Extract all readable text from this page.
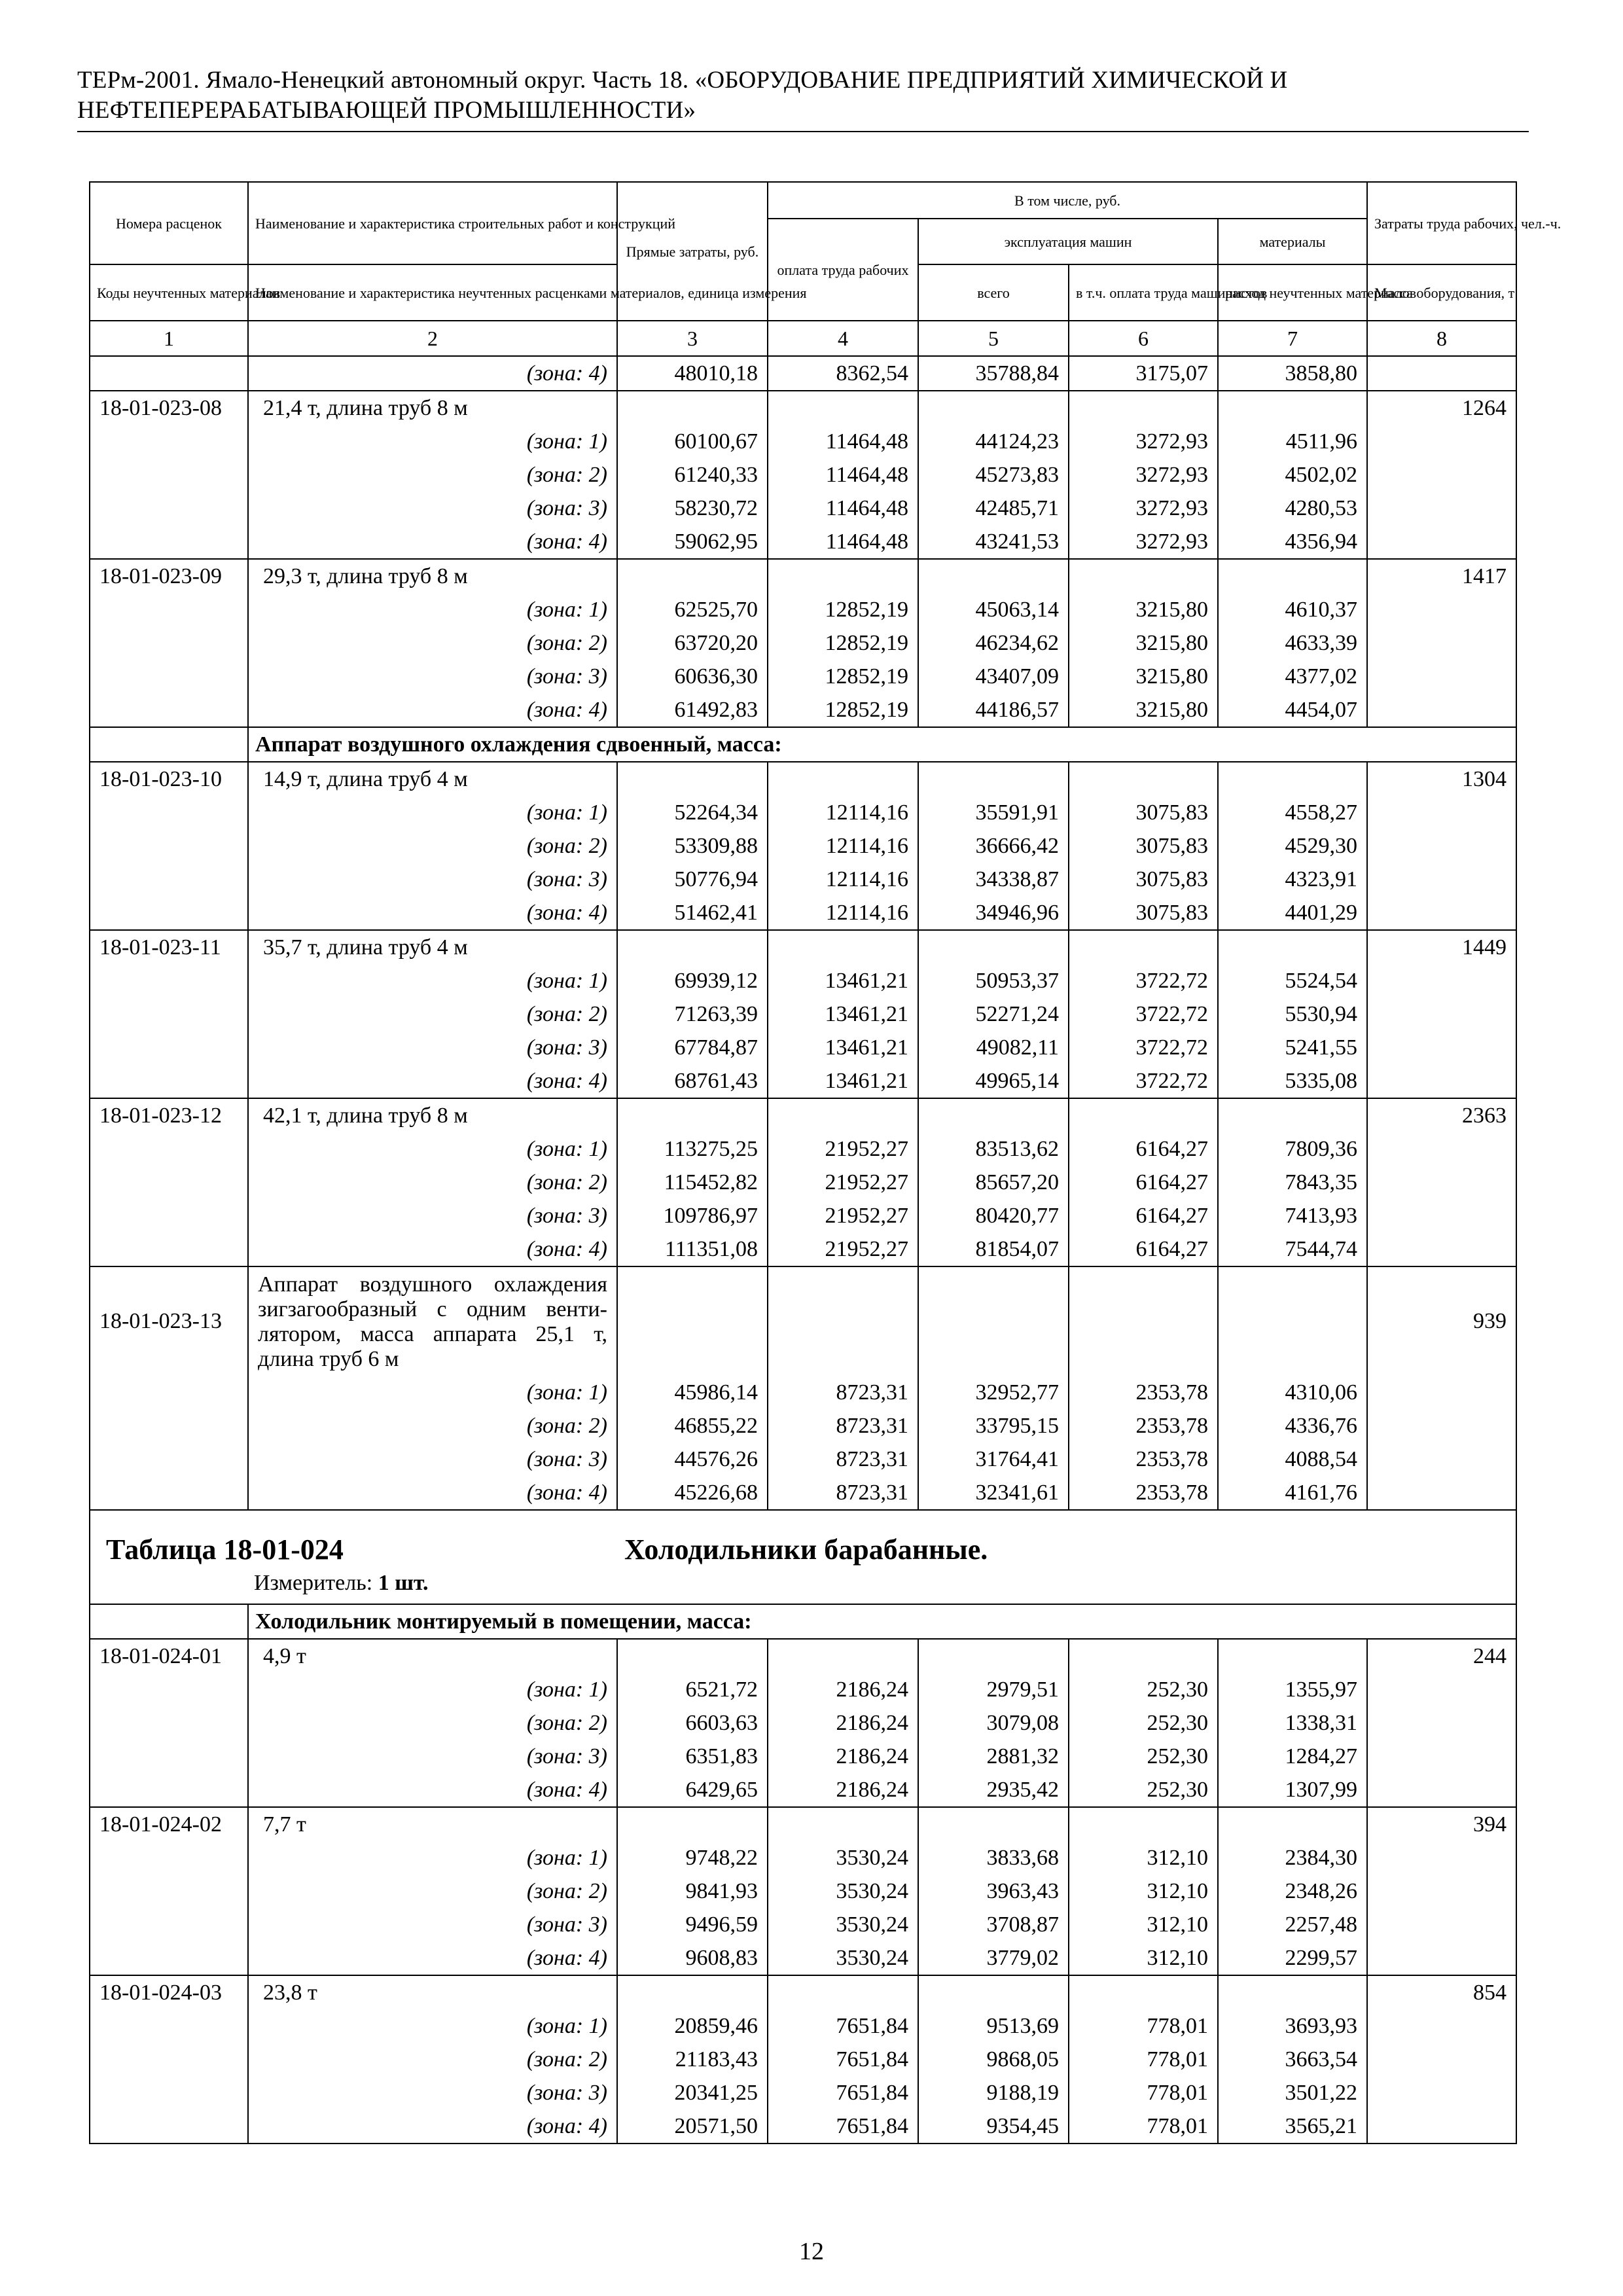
ТЕРм-2001. Ямало-Ненецкий автономный округ. Часть 18. «ОБОРУДОВАНИЕ ПРЕДПРИЯТИЙ ХИМИЧЕСКОЙ И
НЕФТЕПЕРЕРАБАТЫВАЮЩЕЙ ПРОМЫШЛЕННОСТИ»
Номера расценок	Наименование и характеристика строительных работ и конструкций	Прямые затраты, руб.	В том числе, руб.				Затраты труда рабочих, чел.-ч.
			оплата труда рабочих	эксплуатация машин		материалы	
Коды неучтенных материалов	Наименование и характеристика неучтенных расценками материалов, единица измерения			всего	в т.ч. оплата труда машинистов	расход неучтенных материалов	Масса оборудования, т
1	2	3	4	5	6	7	8
	(зона: 4)	48010,18	8362,54	35788,84	3175,07	3858,80	
18-01-023-08	21,4 т, длина труб 8 м						1264
	(зона: 1)	60100,67	11464,48	44124,23	3272,93	4511,96	
	(зона: 2)	61240,33	11464,48	45273,83	3272,93	4502,02	
	(зона: 3)	58230,72	11464,48	42485,71	3272,93	4280,53	
	(зона: 4)	59062,95	11464,48	43241,53	3272,93	4356,94	
18-01-023-09	29,3 т, длина труб 8 м						1417
	(зона: 1)	62525,70	12852,19	45063,14	3215,80	4610,37	
	(зона: 2)	63720,20	12852,19	46234,62	3215,80	4633,39	
	(зона: 3)	60636,30	12852,19	43407,09	3215,80	4377,02	
	(зона: 4)	61492,83	12852,19	44186,57	3215,80	4454,07	
	Аппарат воздушного охлаждения сдвоенный, масса:						
18-01-023-10	14,9 т, длина труб 4 м						1304
	(зона: 1)	52264,34	12114,16	35591,91	3075,83	4558,27	
	(зона: 2)	53309,88	12114,16	36666,42	3075,83	4529,30	
	(зона: 3)	50776,94	12114,16	34338,87	3075,83	4323,91	
	(зона: 4)	51462,41	12114,16	34946,96	3075,83	4401,29	
18-01-023-11	35,7 т, длина труб 4 м						1449
	(зона: 1)	69939,12	13461,21	50953,37	3722,72	5524,54	
	(зона: 2)	71263,39	13461,21	52271,24	3722,72	5530,94	
	(зона: 3)	67784,87	13461,21	49082,11	3722,72	5241,55	
	(зона: 4)	68761,43	13461,21	49965,14	3722,72	5335,08	
18-01-023-12	42,1 т, длина труб 8 м						2363
	(зона: 1)	113275,25	21952,27	83513,62	6164,27	7809,36	
	(зона: 2)	115452,82	21952,27	85657,20	6164,27	7843,35	
	(зона: 3)	109786,97	21952,27	80420,77	6164,27	7413,93	
	(зона: 4)	111351,08	21952,27	81854,07	6164,27	7544,74	
18-01-023-13	Аппарат воздушного охлаждения зигзагообразный с одним венти-лятором, масса аппарата 25,1 т, длина труб 6 м						939
	(зона: 1)	45986,14	8723,31	32952,77	2353,78	4310,06	
	(зона: 2)	46855,22	8723,31	33795,15	2353,78	4336,76	
	(зона: 3)	44576,26	8723,31	31764,41	2353,78	4088,54	
	(зона: 4)	45226,68	8723,31	32341,61	2353,78	4161,76	

Таблица 18-01-024 Холодильники барабанные.
Измеритель: 1 шт.							

	Холодильник монтируемый в помещении, масса:						
18-01-024-01	4,9 т						244
	(зона: 1)	6521,72	2186,24	2979,51	252,30	1355,97	
	(зона: 2)	6603,63	2186,24	3079,08	252,30	1338,31	
	(зона: 3)	6351,83	2186,24	2881,32	252,30	1284,27	
	(зона: 4)	6429,65	2186,24	2935,42	252,30	1307,99	
18-01-024-02	7,7 т						394
	(зона: 1)	9748,22	3530,24	3833,68	312,10	2384,30	
	(зона: 2)	9841,93	3530,24	3963,43	312,10	2348,26	
	(зона: 3)	9496,59	3530,24	3708,87	312,10	2257,48	
	(зона: 4)	9608,83	3530,24	3779,02	312,10	2299,57	
18-01-024-03	23,8 т						854
	(зона: 1)	20859,46	7651,84	9513,69	778,01	3693,93	
	(зона: 2)	21183,43	7651,84	9868,05	778,01	3663,54	
	(зона: 3)	20341,25	7651,84	9188,19	778,01	3501,22	
	(зона: 4)	20571,50	7651,84	9354,45	778,01	3565,21	
12
